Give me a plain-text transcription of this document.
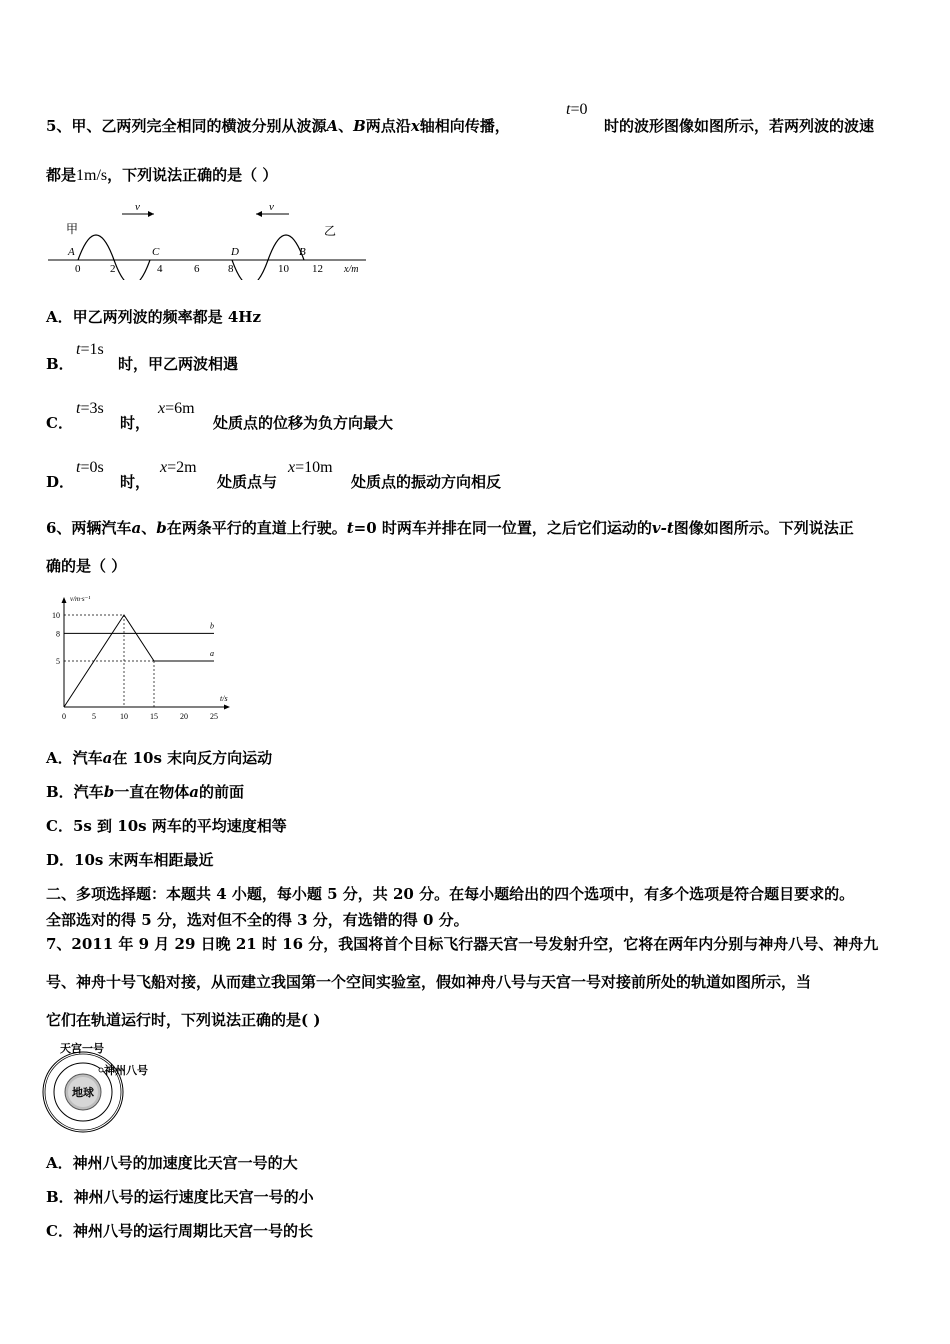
5、甲、乙两列完全相同的横波分别从波源A、B两点沿x轴相向传播，
t=0
时的波形图像如图所示，若两列波的波速
都是1m/s，下列说法正确的是（ ）
v	v
甲	乙
A	C	D	B
0	2	4	6	8	10 12 x/m
A．甲乙两列波的频率都是 4Hz
B．
t=1s
时，甲乙两波相遇
C．
t=3s
时，
x=6m
处质点的位移为负方向最大
D．
t=0s
时，
x=2m
处质点与
x=10m
处质点的振动方向相反
6、两辆汽车a、b在两条平行的直道上行驶。t=0 时两车并排在同一位置，之后它们运动的v-t图像如图所示。下列说法正
确的是（ ）
v/m·s⁻¹
t/s
10
8
5
0	5	10	15	20	25
a
b
A．汽车a在 10s 末向反方向运动
B．汽车b一直在物体a的前面
C．5s 到 10s 两车的平均速度相等
D．10s 末两车相距最近
二、多项选择题：本题共 4 小题，每小题 5 分，共 20 分。在每小题给出的四个选项中，有多个选项是符合题目要求的。
全部选对的得 5 分，选对但不全的得 3 分，有选错的得 0 分。
7、2011 年 9 月 29 日晚 21 时 16 分，我国将首个目标飞行器天宫一号发射升空，它将在两年内分别与神舟八号、神舟九
号、神舟十号飞船对接，从而建立我国第一个空间实验室，假如神舟八号与天宫一号对接前所处的轨道如图所示，当
它们在轨道运行时，下列说法正确的是( )
天宫一号
神州八号
地球
A．神州八号的加速度比天宫一号的大
B．神州八号的运行速度比天宫一号的小
C．神州八号的运行周期比天宫一号的长
